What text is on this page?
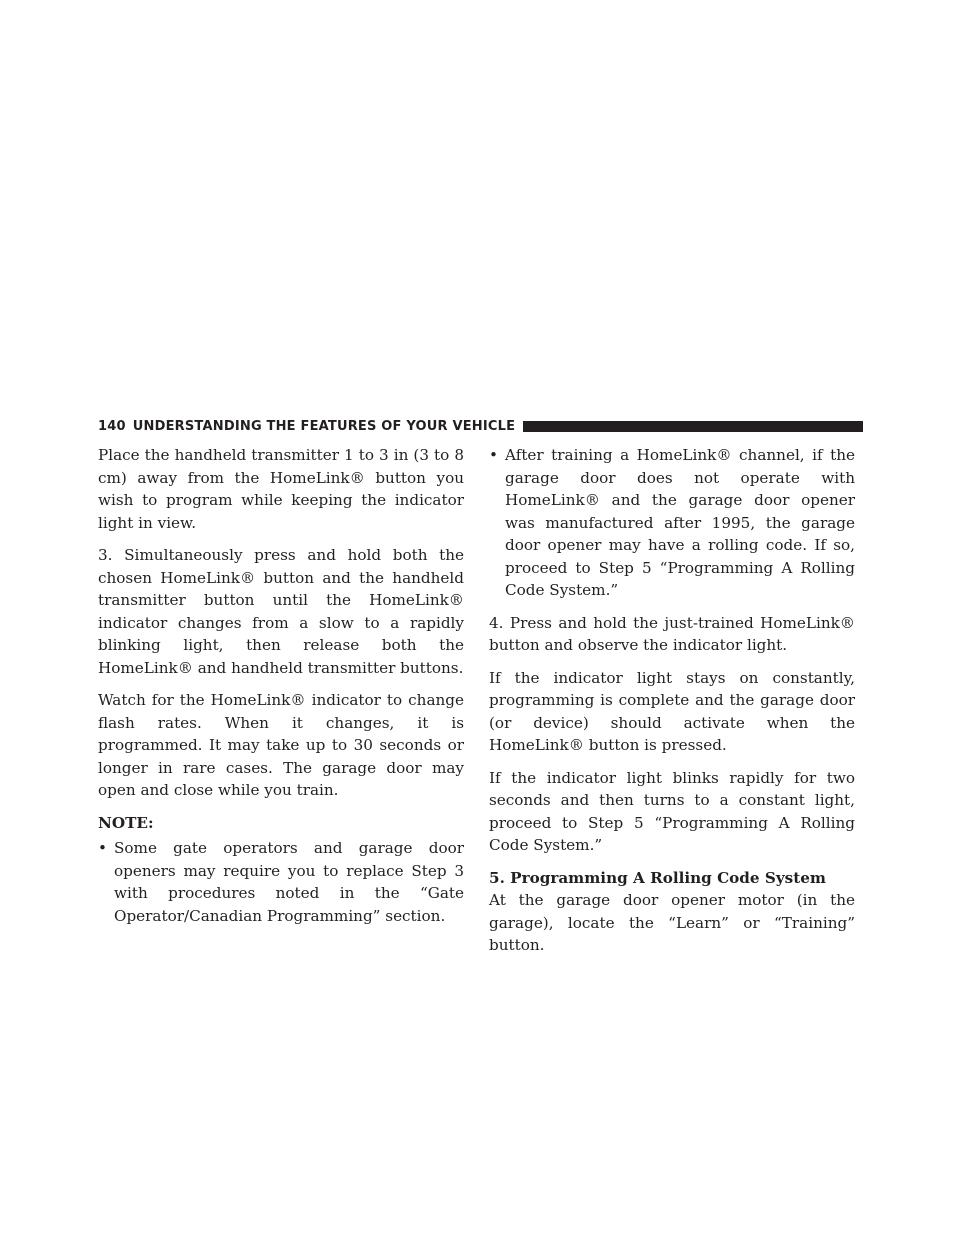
140 UNDERSTANDING THE FEATURES OF YOUR VEHICLE

Place the handheld transmitter 1 to 3 in (3 to 8 cm) away from the HomeLink® button you wish to program while keeping the indicator light in view.

3. Simultaneously press and hold both the chosen HomeLink® button and the handheld transmitter button until the HomeLink® indicator changes from a slow to a rapidly blinking light, then release both the HomeLink® and handheld transmitter buttons.

Watch for the HomeLink® indicator to change flash rates. When it changes, it is programmed. It may take up to 30 seconds or longer in rare cases. The garage door may open and close while you train.

NOTE:
• Some gate operators and garage door openers may require you to replace Step 3 with procedures noted in the “Gate Operator/Canadian Programming” section.
• After training a HomeLink® channel, if the garage door does not operate with HomeLink® and the garage door opener was manufactured after 1995, the garage door opener may have a rolling code. If so, proceed to Step 5 “Programming A Rolling Code System.”

4. Press and hold the just-trained HomeLink® button and observe the indicator light.

If the indicator light stays on constantly, programming is complete and the garage door (or device) should activate when the HomeLink® button is pressed.

If the indicator light blinks rapidly for two seconds and then turns to a constant light, proceed to Step 5 “Programming A Rolling Code System.”

5. Programming A Rolling Code System

At the garage door opener motor (in the garage), locate the “Learn” or “Training” button.
